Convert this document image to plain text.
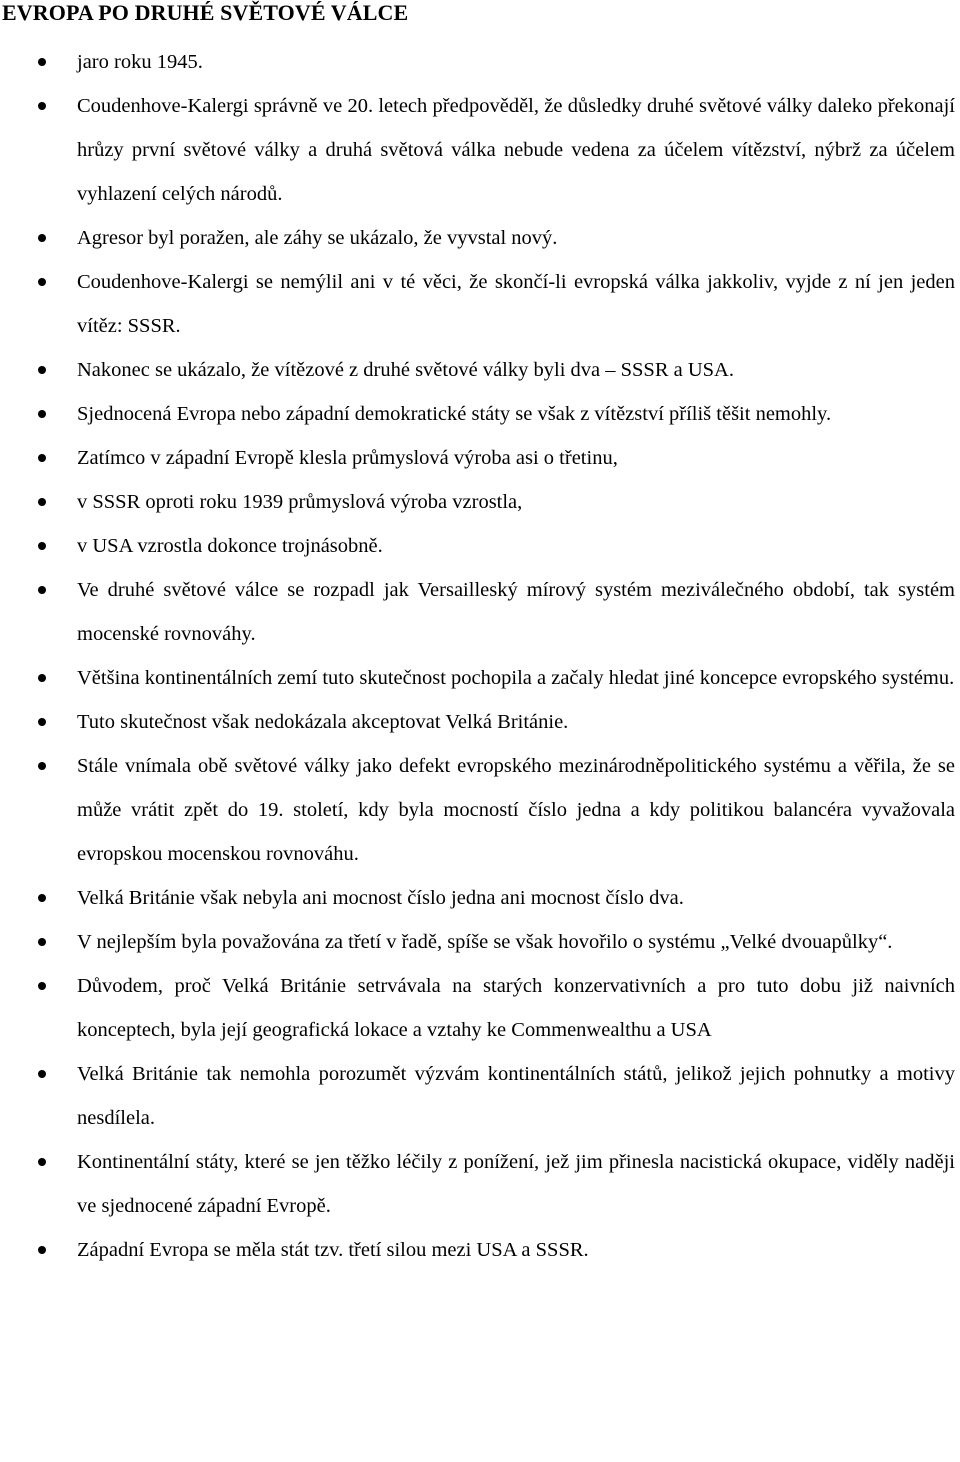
EVROPA PO DRUHÉ SVĚTOVÉ VÁLCE
jaro roku 1945.
Coudenhove-Kalergi správně ve 20. letech předpověděl, že důsledky druhé světové války daleko překonají hrůzy první světové války a druhá světová válka nebude vedena za účelem vítězství, nýbrž za účelem vyhlazení celých národů.
Agresor byl poražen, ale záhy se ukázalo, že vyvstal nový.
Coudenhove-Kalergi se nemýlil ani v té věci, že skončí-li evropská válka jakkoliv, vyjde z ní jen jeden vítěz: SSSR.
Nakonec se ukázalo, že vítězové z druhé světové války byli dva – SSSR a USA.
Sjednocená Evropa nebo západní demokratické státy se však z vítězství příliš těšit nemohly.
Zatímco v západní Evropě klesla průmyslová výroba asi o třetinu,
v SSSR oproti roku 1939 průmyslová výroba vzrostla,
v USA vzrostla dokonce trojnásobně.
Ve druhé světové válce se rozpadl jak Versailleský mírový systém meziválečného období, tak systém mocenské rovnováhy.
Většina kontinentálních zemí tuto skutečnost pochopila a začaly hledat jiné koncepce evropského systému.
Tuto skutečnost však nedokázala akceptovat Velká Británie.
Stále vnímala obě světové války jako defekt evropského mezinárodněpolitického systému a věřila, že se může vrátit zpět do 19. století, kdy byla mocností číslo jedna a kdy politikou balancéra vyvažovala evropskou mocenskou rovnováhu.
Velká Británie však nebyla ani mocnost číslo jedna ani mocnost číslo dva.
V nejlepším byla považována za třetí v řadě, spíše se však hovořilo o systému „Velké dvouapůlky“.
Důvodem, proč Velká Británie setrvávala na starých konzervativních a pro tuto dobu již naivních konceptech, byla její geografická lokace a vztahy ke Commenwealthu a USA
Velká Británie tak nemohla porozumět výzvám kontinentálních států, jelikož jejich pohnutky a motivy nesdílela.
Kontinentální státy, které se jen těžko léčily z ponížení, jež jim přinesla nacistická okupace, viděly naději ve sjednocené západní Evropě.
Západní Evropa se měla stát tzv. třetí silou mezi USA a SSSR.
